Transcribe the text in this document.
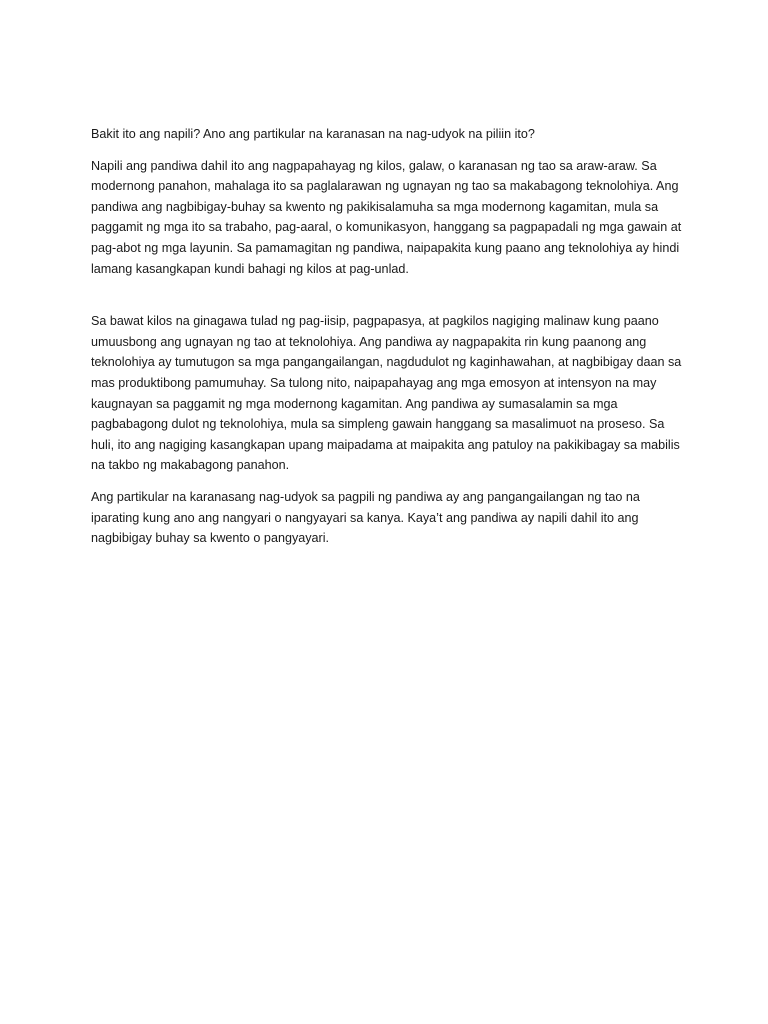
Bakit ito ang napili? Ano ang partikular na karanasan na nag-udyok na piliin ito?

Napili ang pandiwa dahil ito ang nagpapahayag ng kilos, galaw, o karanasan ng tao sa araw-araw. Sa modernong panahon, mahalaga ito sa paglalarawan ng ugnayan ng tao sa makabagong teknolohiya. Ang pandiwa ang nagbibigay-buhay sa kwento ng pakikisalamuha sa mga modernong kagamitan, mula sa paggamit ng mga ito sa trabaho, pag-aaral, o komunikasyon, hanggang sa pagpapadali ng mga gawain at pag-abot ng mga layunin. Sa pamamagitan ng pandiwa, naipapakita kung paano ang teknolohiya ay hindi lamang kasangkapan kundi bahagi ng kilos at pag-unlad.

Sa bawat kilos na ginagawa tulad ng pag-iisip, pagpapasya, at pagkilos nagiging malinaw kung paano umuusbong ang ugnayan ng tao at teknolohiya. Ang pandiwa ay nagpapakita rin kung paanong ang teknolohiya ay tumutugon sa mga pangangailangan, nagdudulot ng kaginhawahan, at nagbibigay daan sa mas produktibong pamumuhay. Sa tulong nito, naipapahayag ang mga emosyon at intensyon na may kaugnayan sa paggamit ng mga modernong kagamitan. Ang pandiwa ay sumasalamin sa mga pagbabagong dulot ng teknolohiya, mula sa simpleng gawain hanggang sa masalimuot na proseso. Sa huli, ito ang nagiging kasangkapan upang maipadama at maipakita ang patuloy na pakikibagay sa mabilis na takbo ng makabagong panahon.

Ang partikular na karanasang nag-udyok sa pagpili ng pandiwa ay ang pangangailangan ng tao na iparating kung ano ang nangyari o nangyayari sa kanya. Kaya’t ang pandiwa ay napili dahil ito ang nagbibigay buhay sa kwento o pangyayari.
